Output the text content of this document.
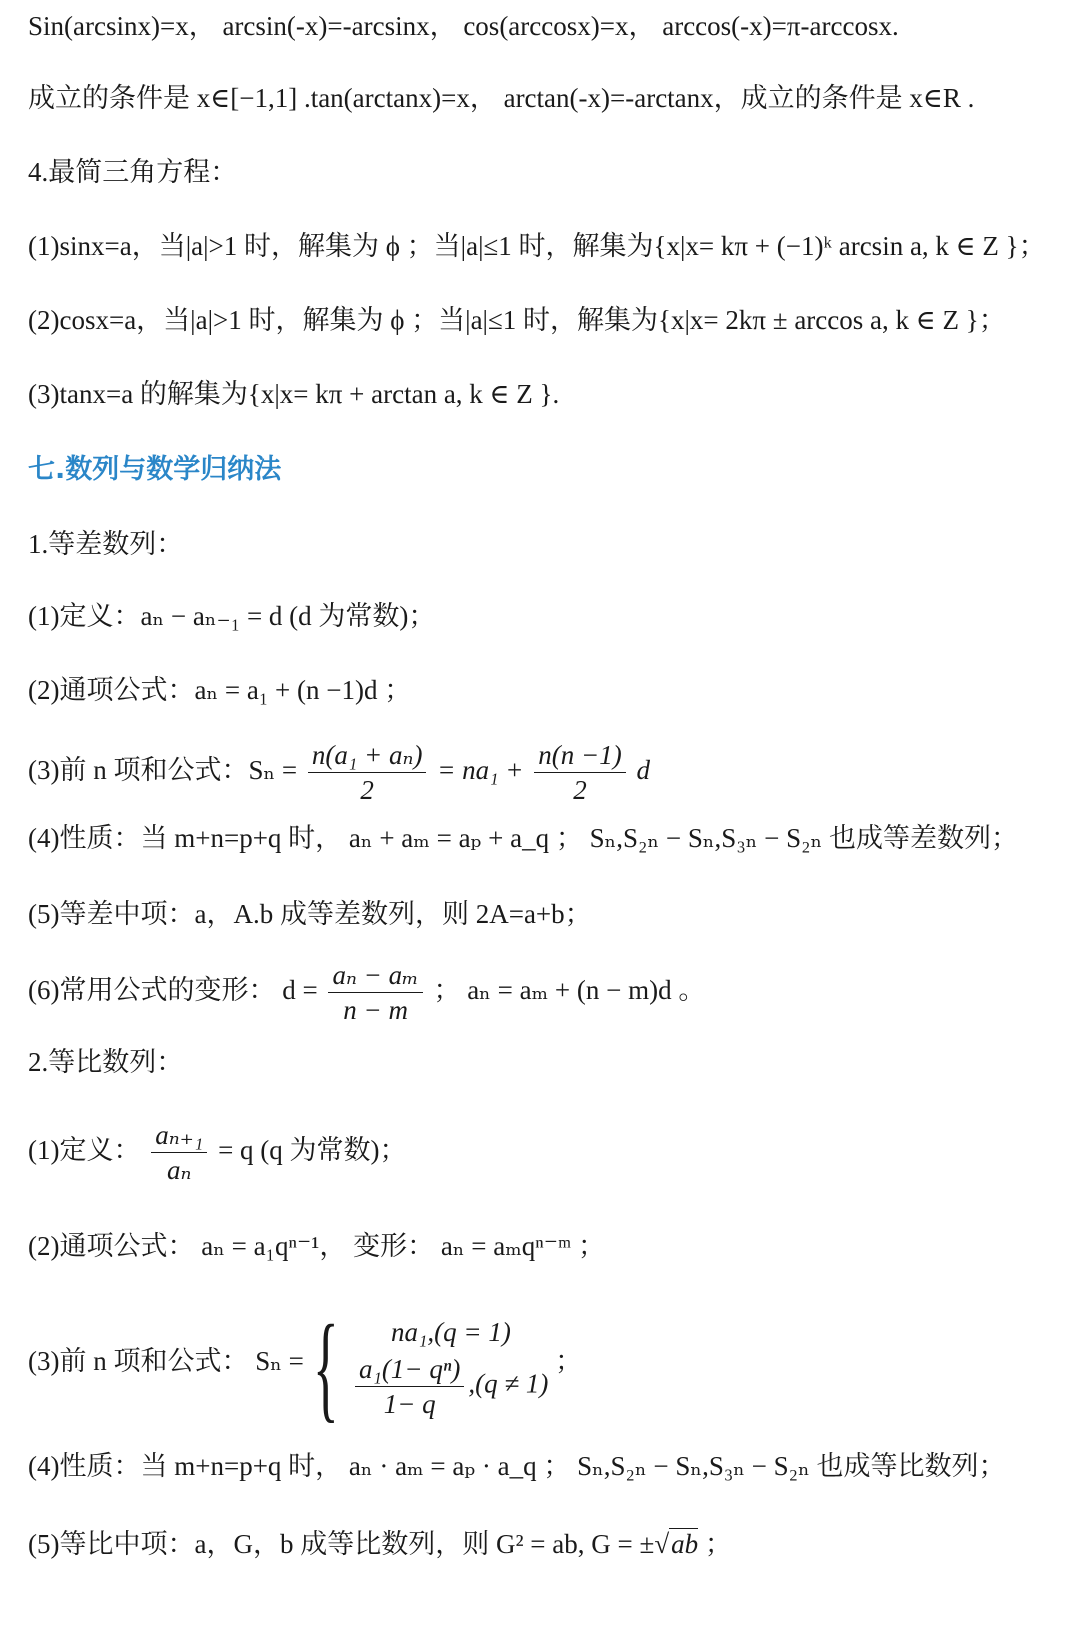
Sin(arcsinx)=x， arcsin(-x)=-arcsinx， cos(arccosx)=x， arccos(-x)=π-arccosx.
成立的条件是 x∈[−1,1] .tan(arctanx)=x， arctan(-x)=-arctanx，成立的条件是 x∈R .
4.最简三角方程：
(1)sinx=a，当|a|>1 时，解集为 ϕ ；当|a|≤1 时，解集为{x|x= kπ + (−1)ᵏ arcsin a, k ∈ Z }；
(2)cosx=a，当|a|>1 时，解集为 ϕ ；当|a|≤1 时，解集为{x|x= 2kπ ± arccos a, k ∈ Z }；
(3)tanx=a 的解集为{x|x= kπ + arctan a, k ∈ Z }.
七.数列与数学归纳法
1.等差数列：
(1)定义：aₙ − aₙ₋₁ = d (d 为常数)；
(2)通项公式：aₙ = a₁ + (n −1)d ；
(3)前 n 项和公式：$S_n = \frac{\text{n(a₁ + aₙ)}}{2} = na_1 + \frac{n(n -1)}{2}$ d
(4)性质：当 m+n=p+q 时， aₙ + aₘ = aₚ + a_q ； Sₙ,S₂ₙ − Sₙ,S₃ₙ − S₂ₙ 也成等差数列；
(5)等差中项：a，A.b 成等差数列，则 2A=a+b；
(6)常用公式的变形： $d = \frac{\text{aₙ − aₘ}}{n - m}$ ； aₙ = aₘ + (n − m)d 。
2.等比数列：
(1)定义： $\frac{\text{aₙ₊₁}}{\text{aₙ}} = q$ (q 为常数)；
(2)通项公式： aₙ = a₁qⁿ⁻¹， 变形： aₙ = aₘqⁿ⁻ᵐ ；
(3)前 n 项和公式： Sₙ = {	na₁,(q = 1)
$\frac{\text{a₁(1− qⁿ)}}{1- q} ,(q \ne 1)$
；
(4)性质：当 m+n=p+q 时， aₙ · aₘ = aₚ · a_q ； Sₙ,S₂ₙ − Sₙ,S₃ₙ − S₂ₙ 也成等比数列；
(5)等比中项：a，G，b 成等比数列，则 G² = ab, G = ±√ab ；
